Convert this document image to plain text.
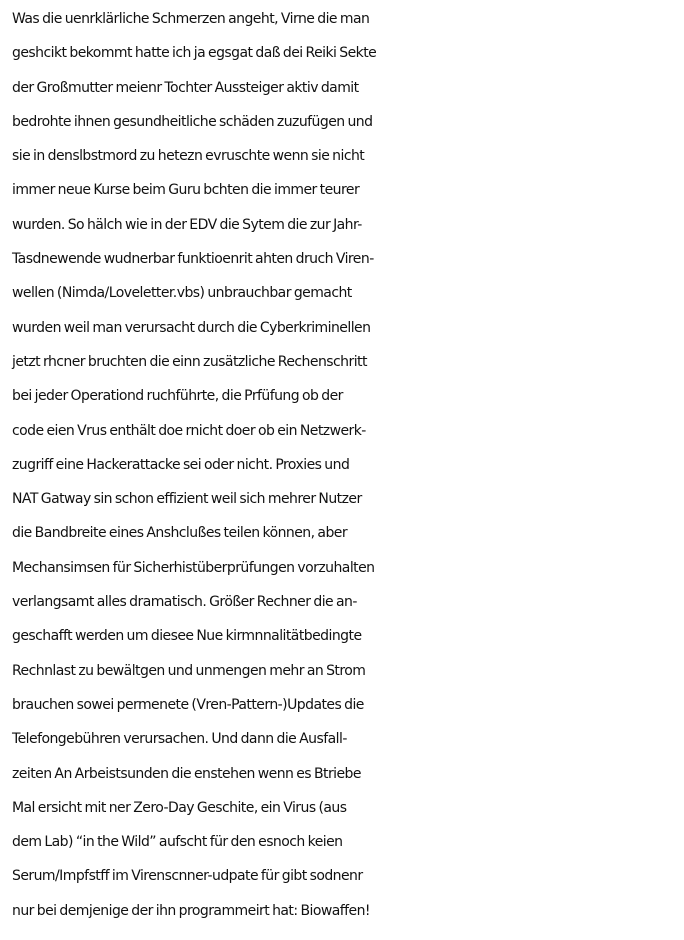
Was die uenrklärliche Schmerzen angeht, Virne die man
geshcikt bekommt hatte ich ja egsgat daß dei Reiki Sekte
der Großmutter meienr Tochter Aussteiger aktiv damit
bedrohte ihnen gesundheitliche schäden zuzufügen und
sie in denslbstmord zu hetezn evruschte wenn sie nicht
immer neue Kurse beim Guru bchten die immer teurer
wurden. So hälch wie in der EDV die Sytem die zur Jahr-
Tasdnewende wudnerbar funktioenrit ahten druch Viren-
wellen (Nimda/Loveletter.vbs) unbrauchbar gemacht
wurden weil man verursacht durch die Cyberkriminellen
jetzt rhcner bruchten die einn zusätzliche Rechenschritt
bei jeder Operationd ruchführte, die Prfüfung ob der
code eien Vrus enthält doe rnicht doer ob ein Netzwerk-
zugriff eine Hackerattacke sei oder nicht. Proxies und
NAT Gatway sin schon effizient weil sich mehrer Nutzer
die Bandbreite eines Anshclußes teilen können, aber
Mechansimsen für Sicherhistüberprüfungen vorzuhalten
verlangsamt alles dramatisch. Größer Rechner die an-
geschafft werden um diesee Nue kirmnnalitätbedingte
Rechnlast zu bewältgen und unmengen mehr an Strom
brauchen sowei permenete (Vren-Pattern-)Updates die
Telefongebühren verursachen. Und dann die Ausfall-
zeiten An Arbeistsunden die enstehen wenn es Btriebe
Mal ersicht mit ner Zero-Day Geschite, ein Virus (aus
dem Lab) “in the Wild” aufscht für den esnoch keien
Serum/Impfstff im Virenscnner-udpate für gibt sodnenr
nur bei demjenige der ihn programmeirt hat: Biowaffen!
